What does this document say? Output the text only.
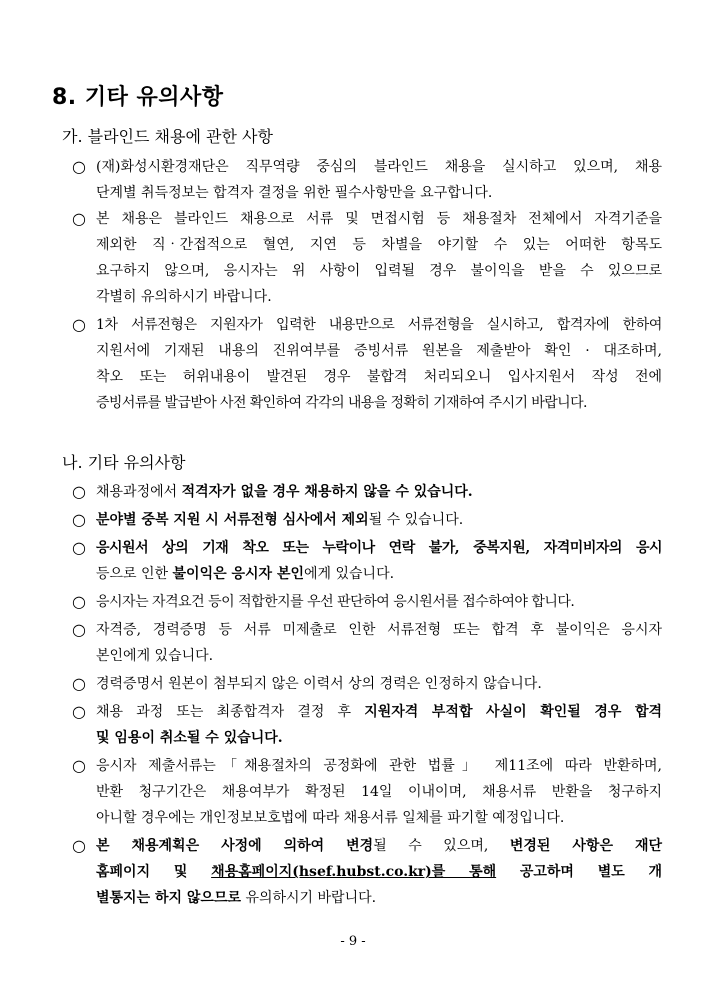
8. 기타 유의사항
가. 블라인드 채용에 관한 사항
○ (재)화성시환경재단은 직무역량 중심의 블라인드 채용을 실시하고 있으며, 채용
단계별 취득정보는 합격자 결정을 위한 필수사항만을 요구합니다.
○ 본 채용은 블라인드 채용으로 서류 및 면접시험 등 채용절차 전체에서 자격기준을
제외한 직‧간접적으로 혈연, 지연 등 차별을 야기할 수 있는 어떠한 항목도
요구하지 않으며, 응시자는 위 사항이 입력될 경우 불이익을 받을 수 있으므로
각별히 유의하시기 바랍니다.
○ 1차 서류전형은 지원자가 입력한 내용만으로 서류전형을 실시하고, 합격자에 한하여
지원서에 기재된 내용의 진위여부를 증빙서류 원본을 제출받아 확인 · 대조하며,
착오 또는 허위내용이 발견된 경우 불합격 처리되오니 입사지원서 작성 전에
증빙서류를 발급받아 사전 확인하여 각각의 내용을 정확히 기재하여 주시기 바랍니다.
나. 기타 유의사항
○ 채용과정에서 적격자가 없을 경우 채용하지 않을 수 있습니다.
○ 분야별 중복 지원 시 서류전형 심사에서 제외될 수 있습니다.
○ 응시원서 상의 기재 착오 또는 누락이나 연락 불가, 중복지원, 자격미비자의 응시
등으로 인한 불이익은 응시자 본인에게 있습니다.
○ 응시자는 자격요건 등이 적합한지를 우선 판단하여 응시원서를 접수하여야 합니다.
○ 자격증, 경력증명 등 서류 미제출로 인한 서류전형 또는 합격 후 불이익은 응시자
본인에게 있습니다.
○ 경력증명서 원본이 첨부되지 않은 이력서 상의 경력은 인정하지 않습니다.
○ 채용 과정 또는 최종합격자 결정 후 지원자격 부적합 사실이 확인될 경우 합격
및 임용이 취소될 수 있습니다.
○ 응시자 제출서류는「채용절차의 공정화에 관한 법률」 제11조에 따라 반환하며,
반환 청구기간은 채용여부가 확정된 14일 이내이며, 채용서류 반환을 청구하지
아니할 경우에는 개인정보보호법에 따라 채용서류 일체를 파기할 예정입니다.
○ 본 채용계획은 사정에 의하여 변경될 수 있으며, 변경된 사항은 재단
홈페이지 및 채용홈페이지(hsef.hubst.co.kr)를 통해 공고하며 별도 개
별통지는 하지 않으므로 유의하시기 바랍니다.
- 9 -
